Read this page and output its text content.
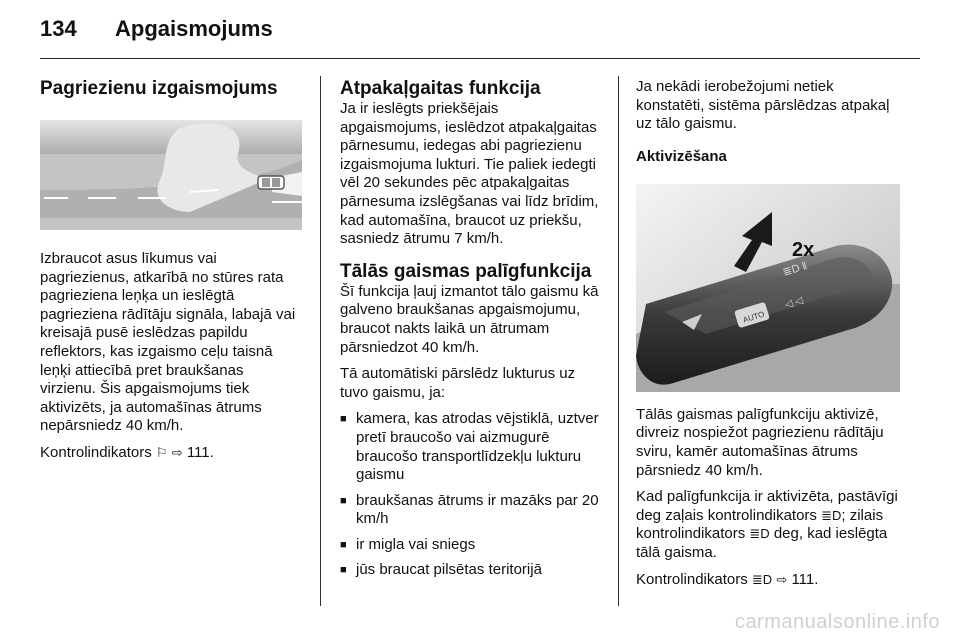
134 Apgaismojums
Pagriezienu izgaismojums

Izbraucot asus līkumus vai pagriezienus, atkarībā no stūres rata pagrieziena leņķa un ieslēgtā pagrieziena rādītāju signāla, labajā vai kreisajā pusē ieslēdzas papildu reflektors, kas izgaismo ceļu taisnā leņķi attiecībā pret braukšanas virzienu. Šis apgaismojums tiek aktivizēts, ja automašīnas ātrums nepārsniedz 40 km/h.

Kontrolindikators ⚐ ⇨ 111.

Atpakaļgaitas funkcija

Ja ir ieslēgts priekšējais apgaismojums, ieslēdzot atpakaļgaitas pārnesumu, iedegas abi pagriezienu izgaismojuma lukturi. Tie paliek iedegti vēl 20 sekundes pēc atpakaļgaitas pārnesuma izslēgšanas vai līdz brīdim, kad automašīna, braucot uz priekšu, sasniedz ātrumu 7 km/h.

Tālās gaismas palīgfunkcija

Šī funkcija ļauj izmantot tālo gaismu kā galveno braukšanas apgaismojumu, braucot nakts laikā un ātrumam pārsniedzot 40 km/h.

Tā automātiski pārslēdz lukturus uz tuvo gaismu, ja:

■ kamera, kas atrodas vējstiklā, uztver pretī braucošo vai aizmugurē braucošo transportlīdzekļu lukturu gaismu
■ braukšanas ātrums ir mazāks par 20 km/h
■ ir migla vai sniegs
■ jūs braucat pilsētas teritorijā

Ja nekādi ierobežojumi netiek konstatēti, sistēma pārslēdzas atpakaļ uz tālo gaismu.

Aktivizēšana
AUTO
≣D ǁ
◁ ◁
2x

Tālās gaismas palīgfunkciju aktivizē, divreiz nospiežot pagriezienu rādītāju sviru, kamēr automašīnas ātrums pārsniedz 40 km/h.

Kad palīgfunkcija ir aktivizēta, pastāvīgi deg zaļais kontrolindikators ≣D; zilais kontrolindikators ≣D deg, kad ieslēgta tālā gaisma.

Kontrolindikators ≣D ⇨ 111.

carmanualsonline.info
